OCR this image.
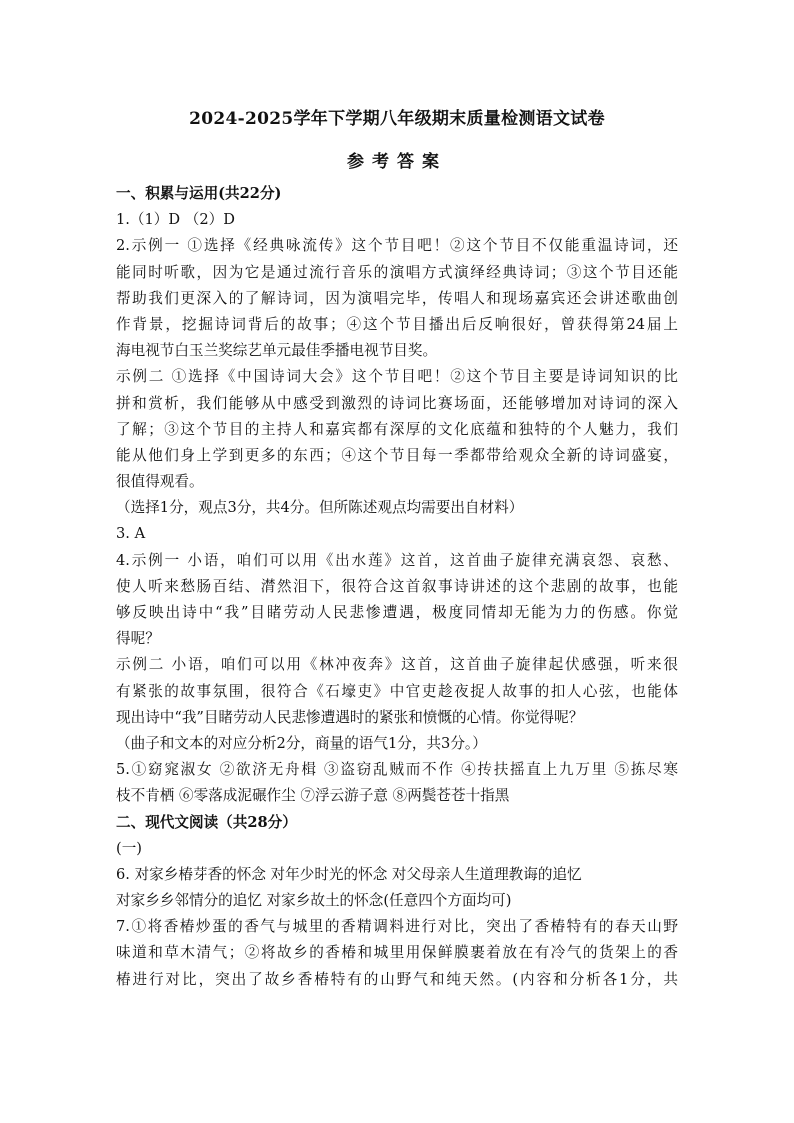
2024-2025学年下学期八年级期末质量检测语文试卷
参考答案
一、积累与运用(共22分)
1.（1）D （2）D
2.示例一 ①选择《经典咏流传》这个节目吧！②这个节目不仅能重温诗词，还
能同时听歌，因为它是通过流行音乐的演唱方式演绎经典诗词；③这个节目还能
帮助我们更深入的了解诗词，因为演唱完毕，传唱人和现场嘉宾还会讲述歌曲创
作背景，挖掘诗词背后的故事；④这个节目播出后反响很好，曾获得第24届上
海电视节白玉兰奖综艺单元最佳季播电视节目奖。
示例二 ①选择《中国诗词大会》这个节目吧！②这个节目主要是诗词知识的比
拼和赏析，我们能够从中感受到激烈的诗词比赛场面，还能够增加对诗词的深入
了解；③这个节目的主持人和嘉宾都有深厚的文化底蕴和独特的个人魅力，我们
能从他们身上学到更多的东西；④这个节目每一季都带给观众全新的诗词盛宴，
很值得观看。
（选择1分，观点3分，共4分。但所陈述观点均需要出自材料）
3. A
4.示例一 小语，咱们可以用《出水莲》这首，这首曲子旋律充满哀怨、哀愁、
使人听来愁肠百结、潸然泪下，很符合这首叙事诗讲述的这个悲剧的故事，也能
够反映出诗中“我”目睹劳动人民悲惨遭遇，极度同情却无能为力的伤感。你觉
得呢？
示例二 小语，咱们可以用《林冲夜奔》这首，这首曲子旋律起伏感强，听来很
有紧张的故事氛围，很符合《石壕吏》中官吏趁夜捉人故事的扣人心弦，也能体
现出诗中“我”目睹劳动人民悲惨遭遇时的紧张和愤慨的心情。你觉得呢？
（曲子和文本的对应分析2分，商量的语气1分，共3分。）
5.①窈窕淑女 ②欲济无舟楫 ③盗窃乱贼而不作 ④抟扶摇直上九万里 ⑤拣尽寒
枝不肯栖 ⑥零落成泥碾作尘 ⑦浮云游子意 ⑧两鬓苍苍十指黑
二、现代文阅读（共28分）
(一)
6. 对家乡椿芽香的怀念 对年少时光的怀念 对父母亲人生道理教诲的追忆
对家乡乡邻情分的追忆 对家乡故土的怀念(任意四个方面均可)
7.①将香椿炒蛋的香气与城里的香精调料进行对比，突出了香椿特有的春天山野
味道和草木清气；②将故乡的香椿和城里用保鲜膜裹着放在有冷气的货架上的香
椿进行对比，突出了故乡香椿特有的山野气和纯天然。(内容和分析各1分，共
